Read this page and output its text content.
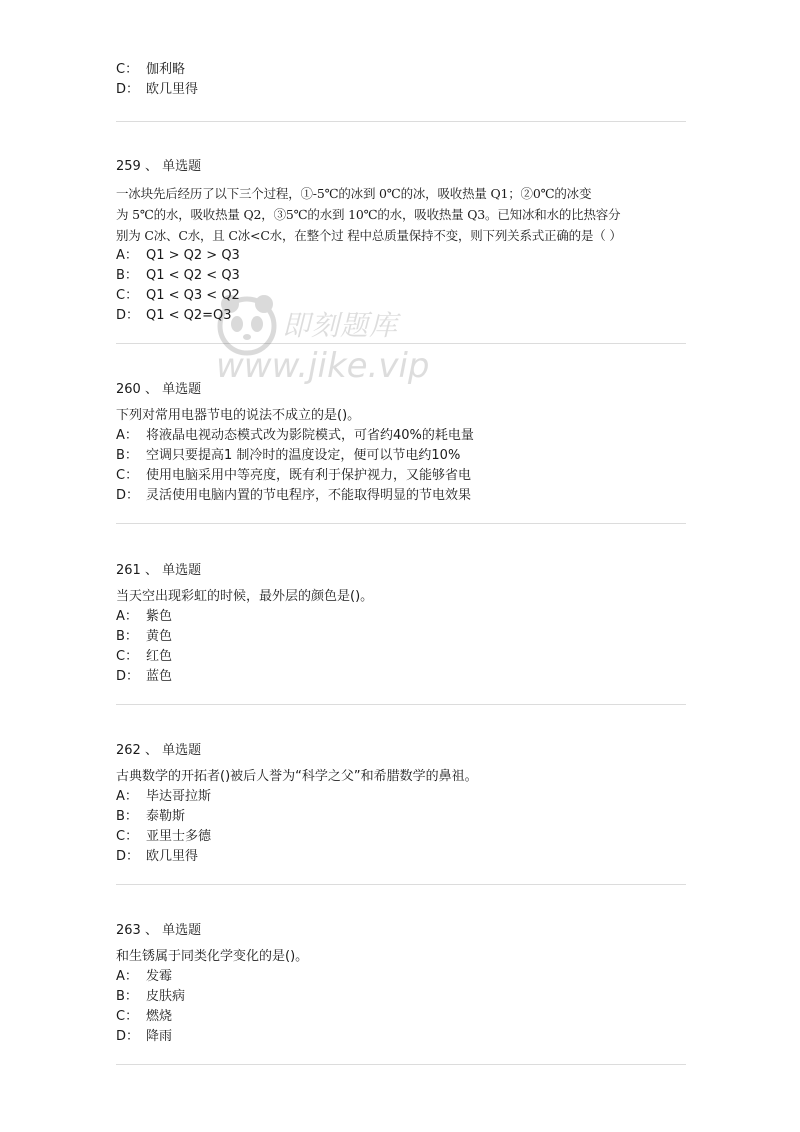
C： 伽利略
D： 欧几里得
259 、 单选题
一冰块先后经历了以下三个过程，①-5℃的冰到 0℃的冰，吸收热量 Q1；②0℃的冰变
为 5℃的水，吸收热量 Q2，③5℃的水到 10℃的水，吸收热量 Q3。已知冰和水的比热容分
别为 C冰、C水，且 C冰<C水，在整个过 程中总质量保持不变，则下列关系式正确的是（ ）
A： Q1 > Q2 > Q3
B： Q1 < Q2 < Q3
C： Q1 < Q3 < Q2
D： Q1 < Q2=Q3
260 、 单选题
下列对常用电器节电的说法不成立的是()。
A： 将液晶电视动态模式改为影院模式，可省约40%的耗电量
B： 空调只要提高1 制冷时的温度设定，便可以节电约10%
C： 使用电脑采用中等亮度，既有利于保护视力，又能够省电
D： 灵活使用电脑内置的节电程序，不能取得明显的节电效果
261 、 单选题
当天空出现彩虹的时候，最外层的颜色是()。
A： 紫色
B： 黄色
C： 红色
D： 蓝色
262 、 单选题
古典数学的开拓者()被后人誉为“科学之父”和希腊数学的鼻祖。
A： 毕达哥拉斯
B： 泰勒斯
C： 亚里士多德
D： 欧几里得
263 、 单选题
和生锈属于同类化学变化的是()。
A： 发霉
B： 皮肤病
C： 燃烧
D： 降雨
即刻题库
www.jike.vip
